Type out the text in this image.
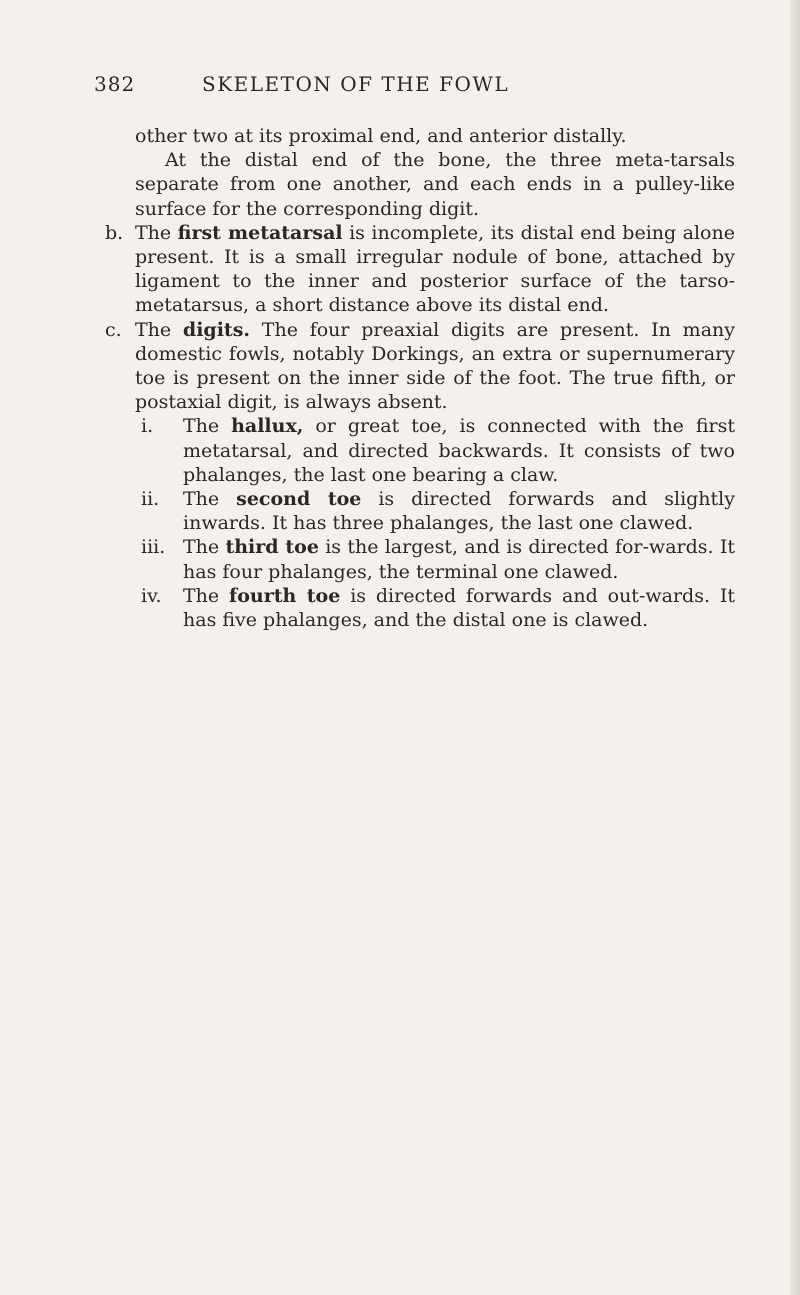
382	SKELETON OF THE FOWL

other two at its proximal end, and anterior distally.

At the distal end of the bone, the three meta-tarsals separate from one another, and each ends in a pulley-like surface for the corresponding digit.

b. The first metatarsal is incomplete, its distal end being alone present. It is a small irregular nodule of bone, attached by ligament to the inner and posterior surface of the tarso-metatarsus, a short distance above its distal end.
c. The digits. The four preaxial digits are present. In many domestic fowls, notably Dorkings, an extra or supernumerary toe is present on the inner side of the foot. The true fifth, or postaxial digit, is always absent.
i. The hallux, or great toe, is connected with the first metatarsal, and directed backwards. It consists of two phalanges, the last one bearing a claw.
ii. The second toe is directed forwards and slightly inwards. It has three phalanges, the last one clawed.
iii. The third toe is the largest, and is directed for-wards. It has four phalanges, the terminal one clawed.
iv. The fourth toe is directed forwards and out-wards. It has five phalanges, and the distal one is clawed.
